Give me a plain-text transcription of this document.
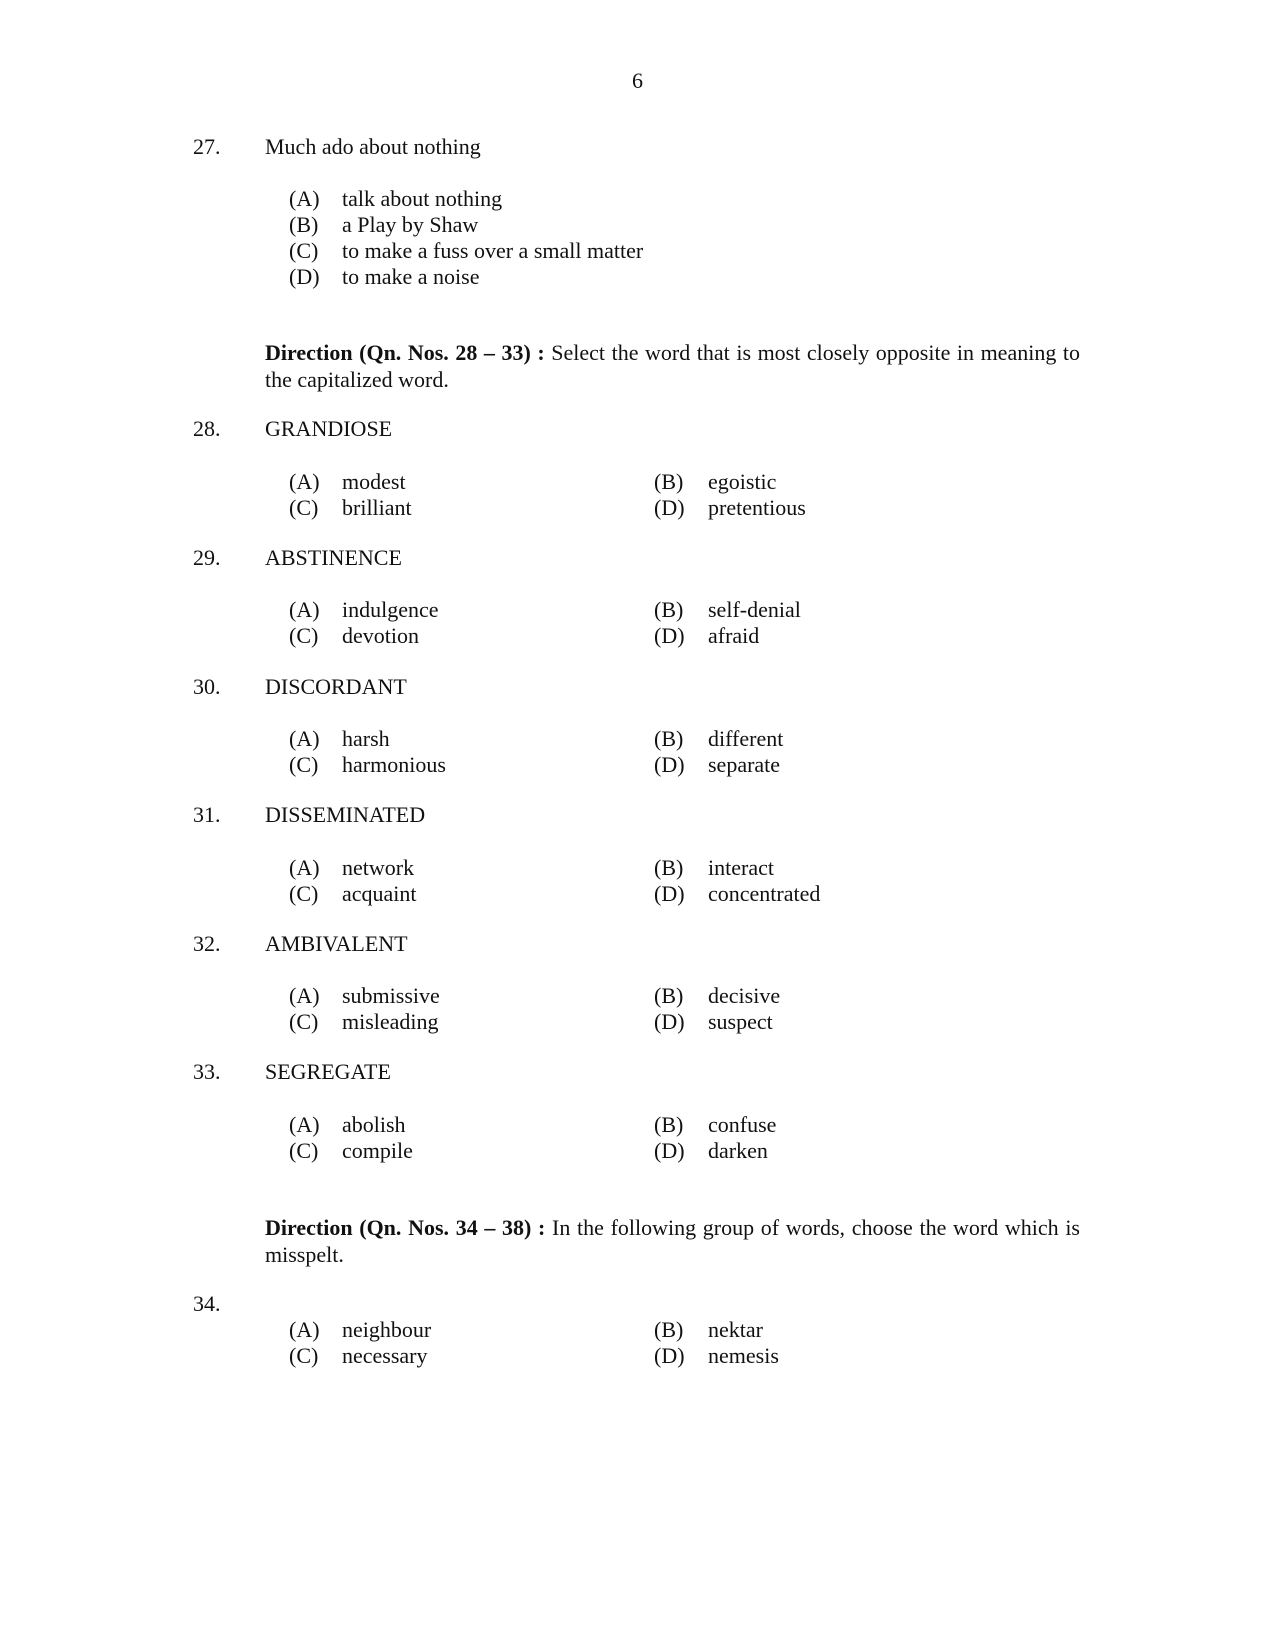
6
27. Much ado about nothing
(A) talk about nothing
(B) a Play by Shaw
(C) to make a fuss over a small matter
(D) to make a noise
Direction (Qn. Nos. 28 – 33) : Select the word that is most closely opposite in meaning to the capitalized word.
28. GRANDIOSE
(A) modest	(B) egoistic
(C) brilliant	(D) pretentious
29. ABSTINENCE
(A) indulgence	(B) self-denial
(C) devotion	(D) afraid
30. DISCORDANT
(A) harsh	(B) different
(C) harmonious	(D) separate
31. DISSEMINATED
(A) network	(B) interact
(C) acquaint	(D) concentrated
32. AMBIVALENT
(A) submissive	(B) decisive
(C) misleading	(D) suspect
33. SEGREGATE
(A) abolish	(B) confuse
(C) compile	(D) darken
Direction (Qn. Nos. 34 – 38) : In the following group of words, choose the word which is misspelt.
34.
(A) neighbour	(B) nektar
(C) necessary	(D) nemesis
